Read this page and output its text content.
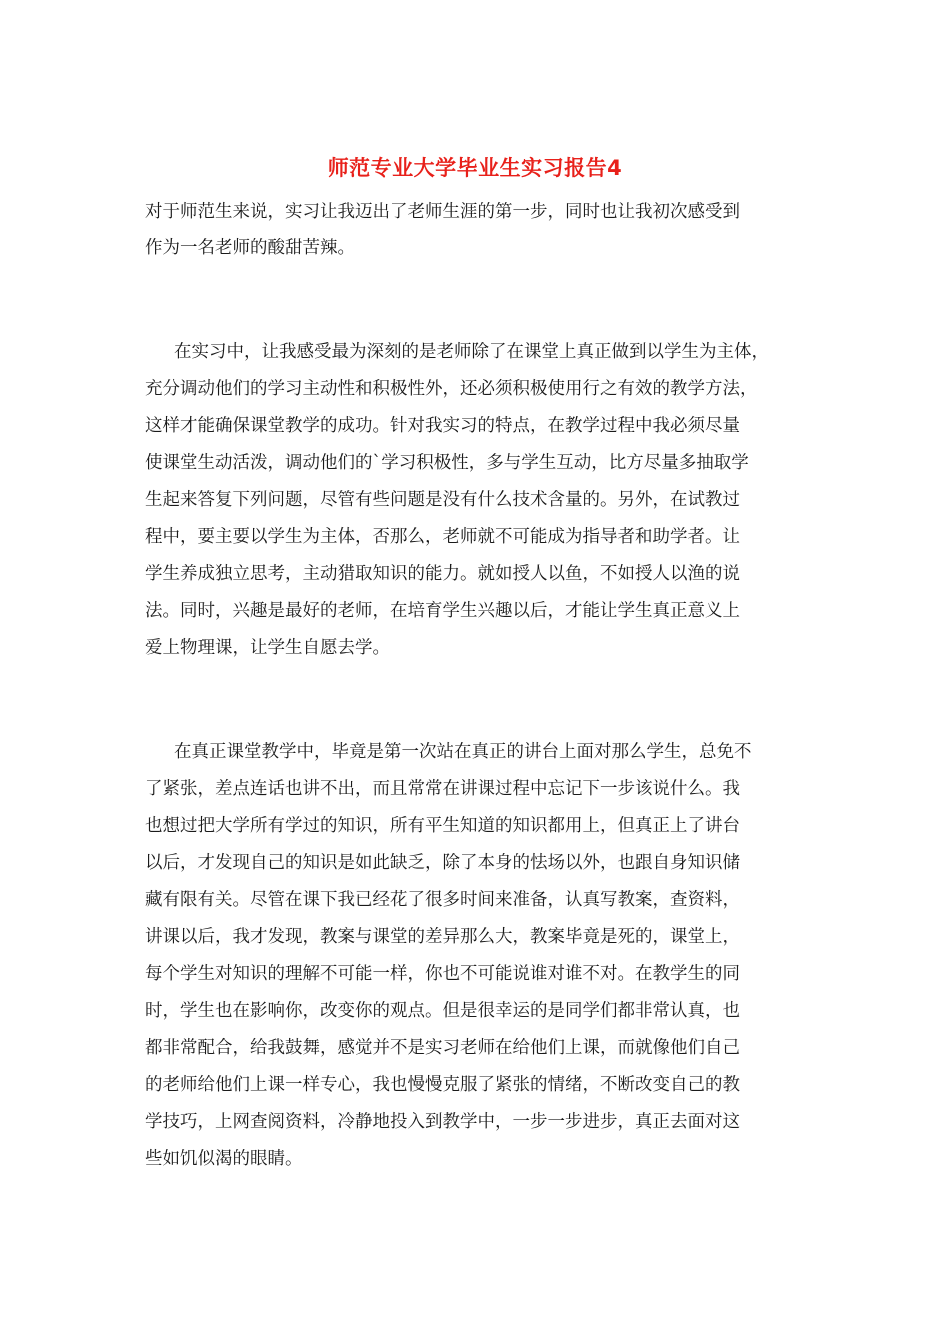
师范专业大学毕业生实习报告4

对于师范生来说，实习让我迈出了老师生涯的第一步，同时也让我初次感受到

作为一名老师的酸甜苦辣。

在实习中，让我感受最为深刻的是老师除了在课堂上真正做到以学生为主体，

充分调动他们的学习主动性和积极性外，还必须积极使用行之有效的教学方法，

这样才能确保课堂教学的成功。针对我实习的特点，在教学过程中我必须尽量

使课堂生动活泼，调动他们的`学习积极性，多与学生互动，比方尽量多抽取学

生起来答复下列问题，尽管有些问题是没有什么技术含量的。另外，在试教过

程中，要主要以学生为主体，否那么，老师就不可能成为指导者和助学者。让

学生养成独立思考，主动猎取知识的能力。就如授人以鱼，不如授人以渔的说

法。同时，兴趣是最好的老师，在培育学生兴趣以后，才能让学生真正意义上

爱上物理课，让学生自愿去学。

在真正课堂教学中，毕竟是第一次站在真正的讲台上面对那么学生，总免不

了紧张，差点连话也讲不出，而且常常在讲课过程中忘记下一步该说什么。我

也想过把大学所有学过的知识，所有平生知道的知识都用上，但真正上了讲台

以后，才发现自己的知识是如此缺乏，除了本身的怯场以外，也跟自身知识储

藏有限有关。尽管在课下我已经花了很多时间来准备，认真写教案，查资料，

讲课以后，我才发现，教案与课堂的差异那么大，教案毕竟是死的，课堂上，

每个学生对知识的理解不可能一样，你也不可能说谁对谁不对。在教学生的同

时，学生也在影响你，改变你的观点。但是很幸运的是同学们都非常认真，也

都非常配合，给我鼓舞，感觉并不是实习老师在给他们上课，而就像他们自己

的老师给他们上课一样专心，我也慢慢克服了紧张的情绪，不断改变自己的教

学技巧，上网查阅资料，冷静地投入到教学中，一步一步进步，真正去面对这

些如饥似渴的眼睛。
